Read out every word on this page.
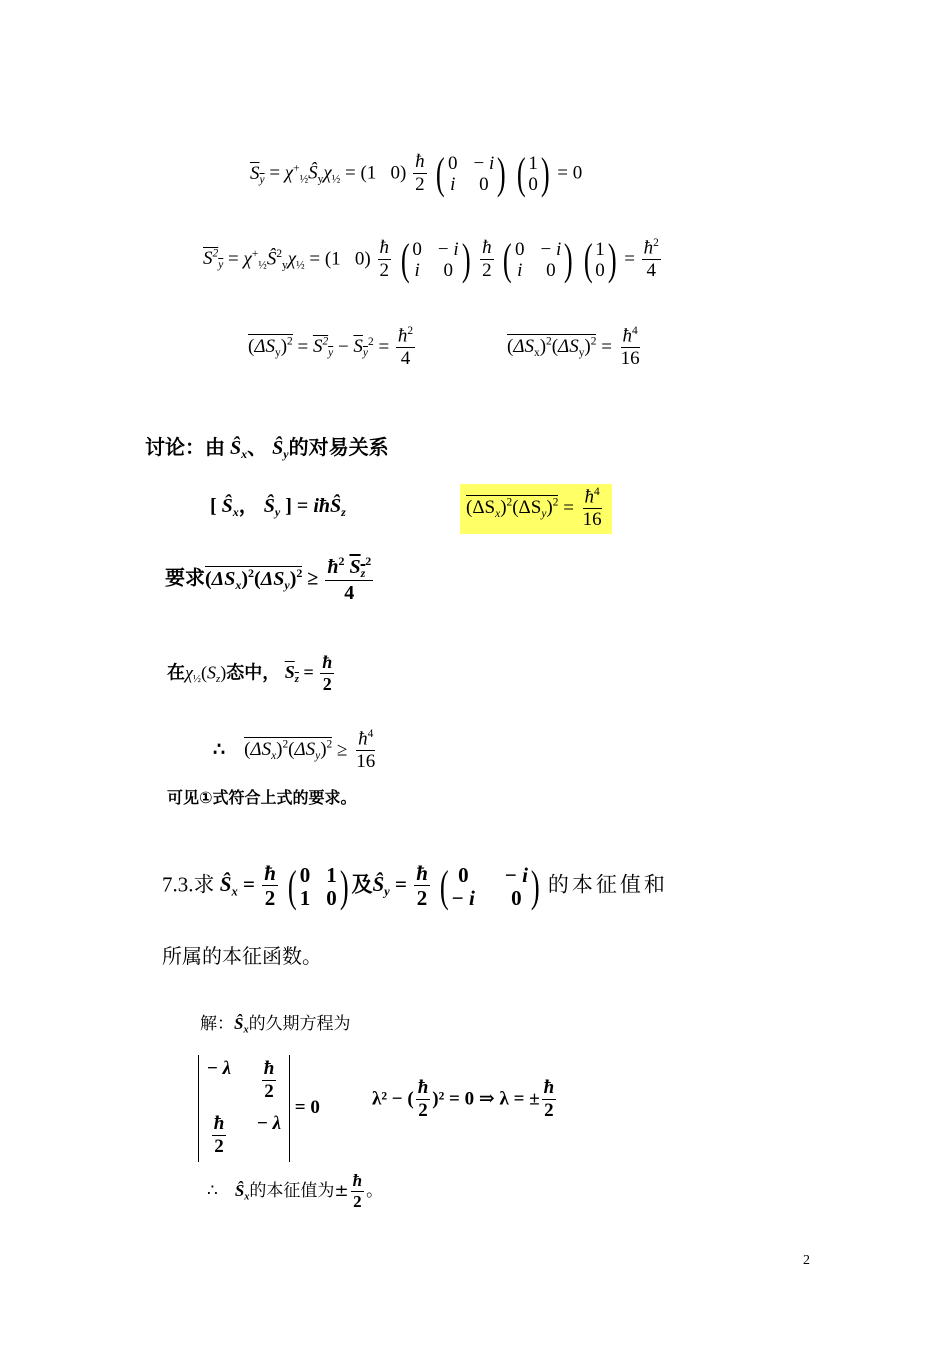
$S_y$ = $\chi^+_{\frac{1}{2}}Ŝ_y\chi_{\frac{1}{2}} = (1$   $0) \frac{ħ}{2}$
( 0 − i
i 0 )
( 1
0 ) = 0
$S^2_y$ = $\chi^+_{\frac{1}{2}}Ŝ^2_y\chi_{\frac{1}{2}} = (1$   $0) \frac{ħ}{2}$
( 0 − i
i 0 )
$\frac{ħ}{2}$
( 0 − i
i 0 )
( 1
0 ) = $\frac{ħ^2}{4}$
$(\Delta S_y)^2 = S^2_y - S_y^2 = \frac{ħ^2}{4}$	$(\Delta S_x)^2(\Delta S_y)^2 = \frac{ħ^4}{16}$
讨论：由 $Ŝ_x$、 $Ŝ_y$的对易关系
[ $Ŝ_x$， $Ŝ_y$ ] = iħŜ$_z$	$(\Delta S_x)^2(\Delta S_y)^2 = \frac{ħ^4}{16}$
要求$(\Delta S_x)^2(\Delta S_y)^2 \ge \frac{ħ^2 S_z^2}{4}$
在$\chi_{\frac{1}{2}}(S_z)$态中， $S_z = \frac{ħ}{2}$
∴ $(\Delta S_x)^2(\Delta S_y)^2 \ge \frac{ħ^4}{16}$
可见①式符合上式的要求。
7.3.求 $Ŝ_x = \frac{ħ}{2}$
( 0 1
1 0 ) 及$Ŝ_y = \frac{ħ}{2}$
( 0 − i
− i 0 ) 的本征值和
所属的本征函数。
解：$Ŝ_x$的久期方程为
− λ $\frac{ħ}{2}$
$\frac{ħ}{2} - \lambda$
= 0	λ² − ( $\frac{ħ}{2} )^2 = 0$ ⇒ λ = ± $\frac{ħ}{2}$
∴ $Ŝ_x$的本征值为± $\frac{ħ}{2}$ 。
2
